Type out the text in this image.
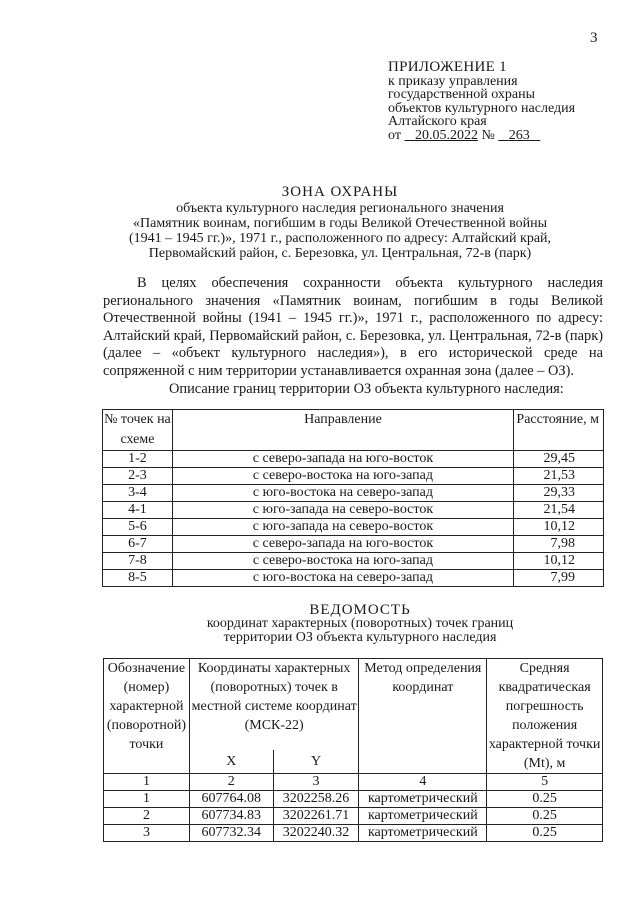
3
ПРИЛОЖЕНИЕ 1
к приказу управления
государственной охраны
объектов культурного наследия
Алтайского края
от 20.05.2022 № 263
ЗОНА ОХРАНЫ
объекта культурного наследия регионального значения
«Памятник воинам, погибшим в годы Великой Отечественной войны
(1941 – 1945 гг.)», 1971 г., расположенного по адресу: Алтайский край,
Первомайский район, с. Березовка, ул. Центральная, 72-в (парк)

В целях обеспечения сохранности объекта культурного наследия регионального значения «Памятник воинам, погибшим в годы Великой Отечественной войны (1941 – 1945 гг.)», 1971 г., расположенного по адресу: Алтайский край, Первомайский район, с. Березовка, ул. Центральная, 72-в (парк) (далее – «объект культурного наследия»), в его исторической среде на сопряженной с ним территории устанавливается охранная зона (далее – ОЗ).

Описание границ территории ОЗ объекта культурного наследия:

№ точек на схеме	Направление	Расстояние, м
1-2	с северо-запада на юго-восток	29,45
2-3	с северо-востока на юго-запад	21,53
3-4	с юго-востока на северо-запад	29,33
4-1	с юго-запада на северо-восток	21,54
5-6	с юго-запада на северо-восток	10,12
6-7	с северо-запада на юго-восток	7,98
7-8	с северо-востока на юго-запад	10,12
8-5	с юго-востока на северо-запад	7,99
ВЕДОМОСТЬ
координат характерных (поворотных) точек границ
территории ОЗ объекта культурного наследия
Обозначение (номер) характерной (поворотной) точки	Координаты характерных (поворотных) точек в местной системе координат (МСК-22)		Метод определения координат	Средняя квадратическая погрешность положения характерной точки (Mt), м
	X	Y		
1	2	3	4	5
1	607764.08	3202258.26	картометрический	0.25
2	607734.83	3202261.71	картометрический	0.25
3	607732.34	3202240.32	картометрический	0.25
